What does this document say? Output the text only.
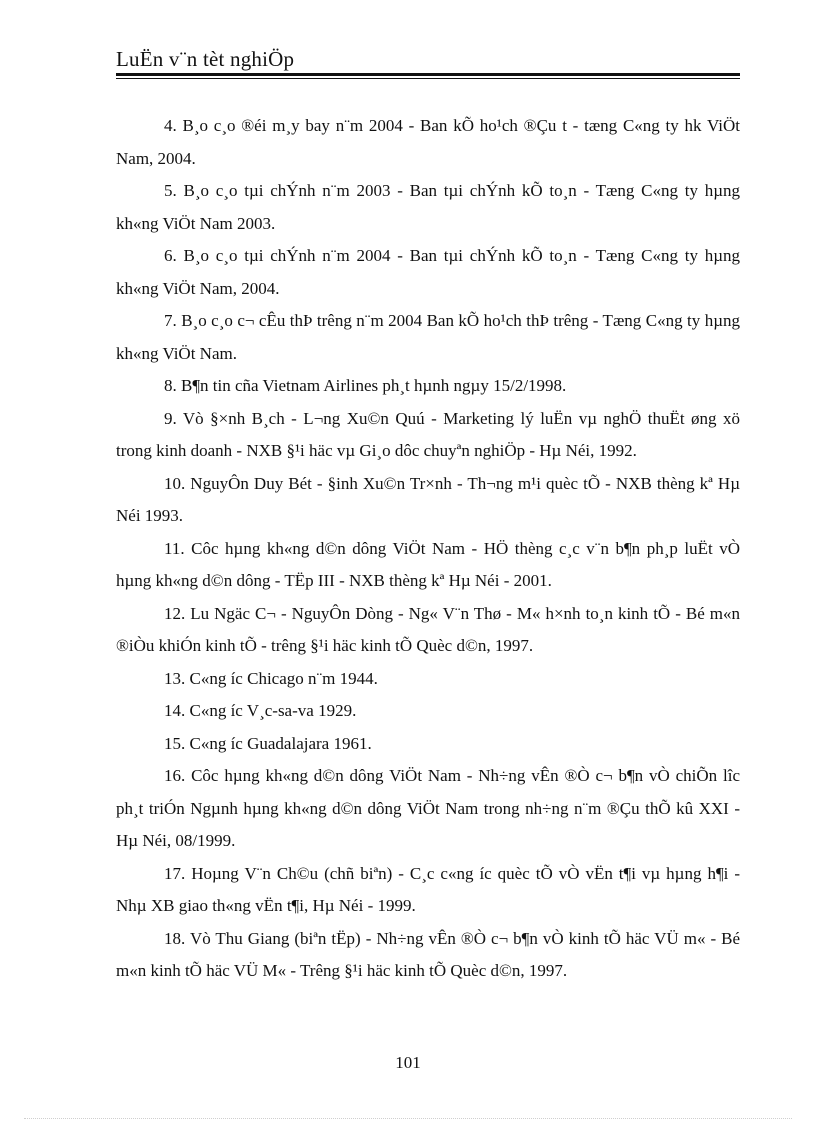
LuËn v¨n tèt nghiÖp

4. B¸o c¸o ®éi m¸y bay n¨m 2004 - Ban kÕ ho¹ch ®Çu t - tæng C«ng ty hk ViÖt Nam, 2004.

5. B¸o c¸o tµi chÝnh n¨m 2003 - Ban tµi chÝnh kÕ to¸n - Tæng C«ng ty hµng kh«ng ViÖt Nam 2003.

6. B¸o c¸o tµi chÝnh n¨m 2004 - Ban tµi chÝnh kÕ to¸n - Tæng C«ng ty hµng kh«ng ViÖt Nam, 2004.

7. B¸o c¸o c¬ cÊu thÞ trêng n¨m 2004 Ban kÕ ho¹ch thÞ trêng - Tæng C«ng ty hµng kh«ng ViÖt Nam.

8. B¶n tin cña Vietnam Airlines ph¸t hµnh ngµy 15/2/1998.

9. Vò §×nh B¸ch - L¬ng Xu©n Quú - Marketing lý luËn vµ nghÖ thuËt øng xö trong kinh doanh - NXB §¹i häc vµ Gi¸o dôc chuyªn nghiÖp - Hµ Néi, 1992.

10. NguyÔn Duy Bét - §inh Xu©n Tr×nh - Th¬ng m¹i quèc tÕ - NXB thèng kª Hµ Néi 1993.

11. Côc hµng kh«ng d©n dông ViÖt Nam - HÖ thèng c¸c v¨n b¶n ph¸p luËt vÒ hµng kh«ng d©n dông - TËp III - NXB thèng kª Hµ Néi - 2001.

12. Lu Ngäc C¬ - NguyÔn Dòng - Ng« V¨n Thø - M« h×nh to¸n kinh tÕ - Bé m«n ®iÒu khiÓn kinh tÕ - trêng §¹i häc kinh tÕ Quèc d©n, 1997.

13. C«ng íc Chicago n¨m 1944.

14. C«ng íc V¸c-sa-va 1929.

15. C«ng íc Guadalajara 1961.

16. Côc hµng kh«ng d©n dông ViÖt Nam - Nh÷ng vÊn ®Ò c¬ b¶n vÒ chiÕn lîc ph¸t triÓn Ngµnh hµng kh«ng d©n dông ViÖt Nam trong nh÷ng n¨m ®Çu thÕ kû XXI - Hµ Néi, 08/1999.

17. Hoµng V¨n Ch©u (chñ biªn) - C¸c c«ng íc quèc tÕ vÒ vËn t¶i vµ hµng h¶i - Nhµ XB giao th«ng vËn t¶i, Hµ Néi - 1999.

18. Vò Thu Giang (biªn tËp) - Nh÷ng vÊn ®Ò c¬ b¶n vÒ kinh tÕ häc VÜ m« - Bé m«n kinh tÕ häc VÜ M« - Trêng §¹i häc kinh tÕ Quèc d©n, 1997.

101
